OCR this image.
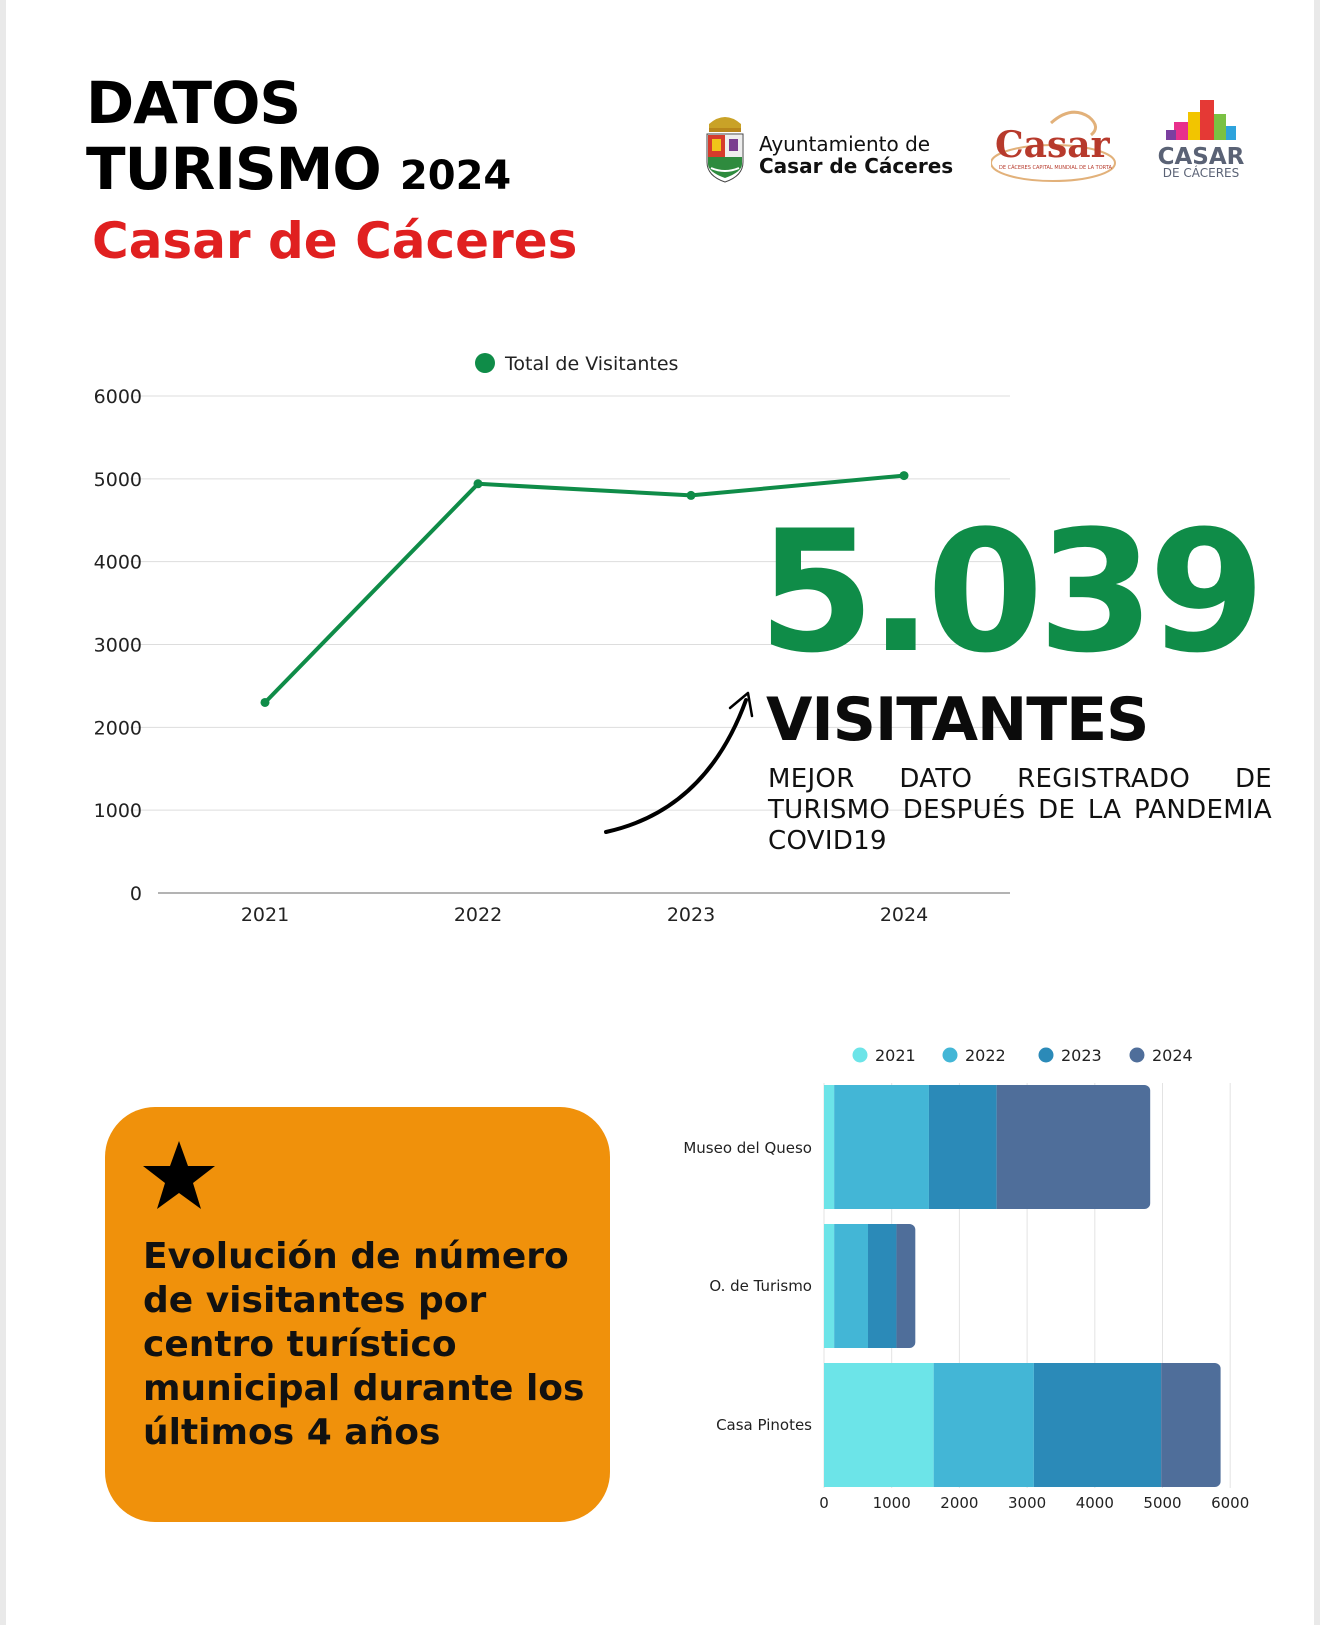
DATOS
TURISMO 2024
Casar de Cáceres
Ayuntamiento de
Casar de Cáceres Casar
DE CÁCERES CAPITAL MUNDIAL DE LA TORTA CASAR
DE CÁCERES
0
1000
2000
3000
4000
5000
6000
2021	2022	2023	2024
Total de Visitantes
5.039
VISITANTES
MEJOR DATO REGISTRADO DE TURISMO DESPUÉS DE LA PANDEMIA COVID19
Evolución de número de visitantes por centro turístico municipal durante los últimos 4 años
0	1000 2000 3000 4000 5000 6000
Museo del Queso
O. de Turismo
Casa Pinotes
2021	2022	2023	2024
